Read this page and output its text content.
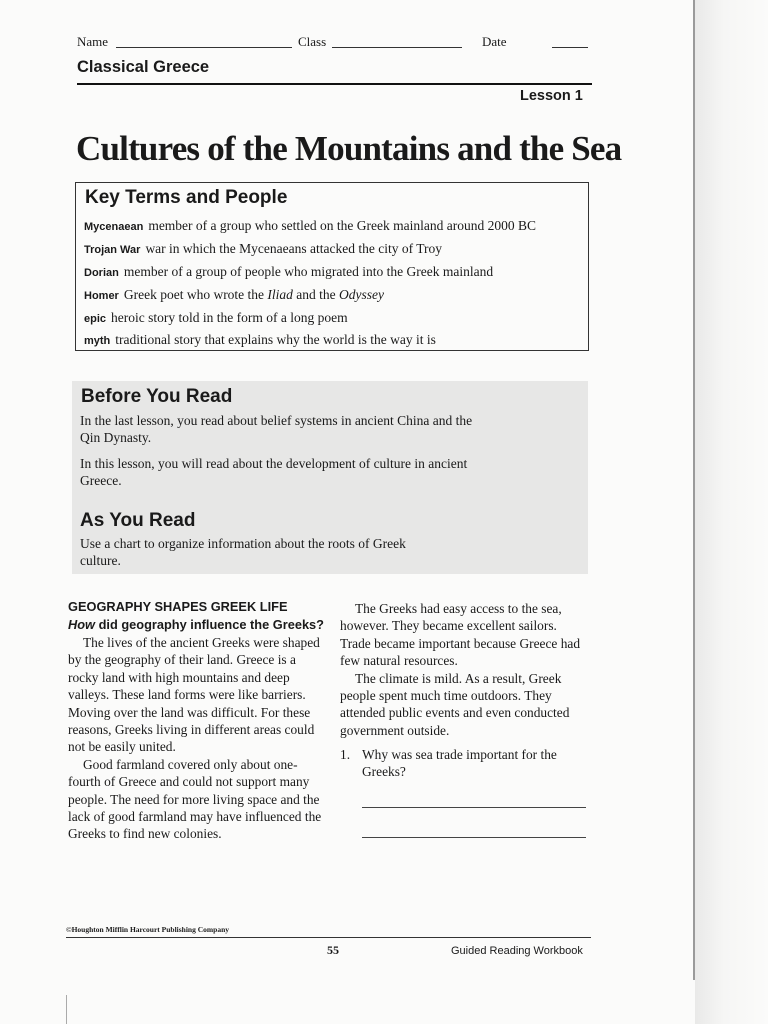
Name	Class	Date
Classical Greece
Lesson 1
Cultures of the Mountains and the Sea
Key Terms and People
Mycenaean member of a group who settled on the Greek mainland around 2000 BC
Trojan War war in which the Mycenaeans attacked the city of Troy
Dorian member of a group of people who migrated into the Greek mainland
Homer Greek poet who wrote the Iliad and the Odyssey
epic heroic story told in the form of a long poem
myth traditional story that explains why the world is the way it is
Before You Read
In the last lesson, you read about belief systems in ancient China and the Qin Dynasty.
In this lesson, you will read about the development of culture in ancient Greece.
As You Read
Use a chart to organize information about the roots of Greek culture.
GEOGRAPHY SHAPES GREEK LIFE
How did geography influence the Greeks?

The lives of the ancient Greeks were shaped by the geography of their land. Greece is a rocky land with high mountains and deep valleys. These land forms were like barriers. Moving over the land was difficult. For these reasons, Greeks living in different areas could not be easily united.

Good farmland covered only about one-fourth of Greece and could not support many people. The need for more living space and the lack of good farmland may have influenced the Greeks to find new colonies.

The Greeks had easy access to the sea, however. They became excellent sailors. Trade became important because Greece had few natural resources.

The climate is mild. As a result, Greek people spent much time outdoors. They attended public events and even conducted government outside.

1. Why was sea trade important for the Greeks?
©Houghton Mifflin Harcourt Publishing Company
55	Guided Reading Workbook
